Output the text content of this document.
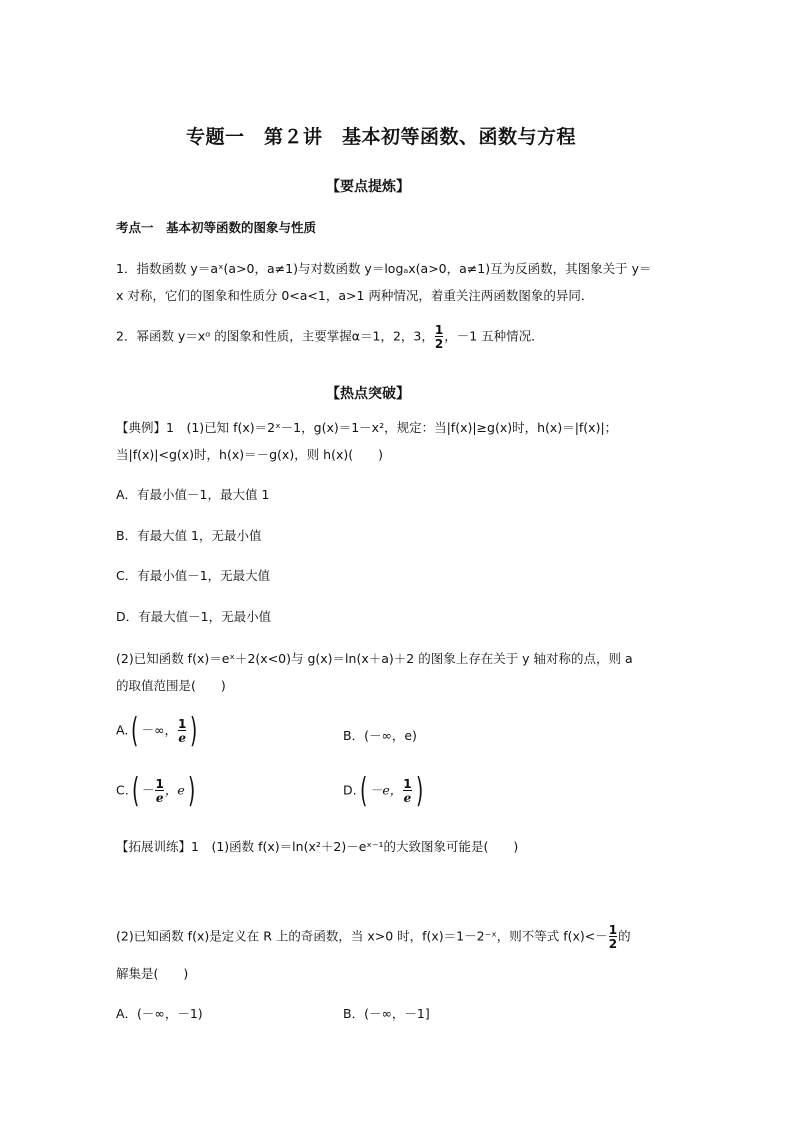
专题一　第２讲　基本初等函数、函数与方程
【要点提炼】
考点一　基本初等函数的图象与性质
1．指数函数 y＝aˣ(a>0，a≠1)与对数函数 y＝logₐx(a>0，a≠1)互为反函数，其图象关于 y＝
x 对称，它们的图象和性质分 0<a<1，a>1 两种情况，着重关注两函数图象的异同．
2．幂函数 y＝xᵅ 的图象和性质，主要掌握α＝1，2，3， $\frac{1}{2}$ ，－1 五种情况．
【热点突破】
【典例】1　(1)已知 f(x)＝2ˣ－1，g(x)＝1－x²，规定：当|f(x)|≥g(x)时，h(x)＝|f(x)|；
当|f(x)|<g(x)时，h(x)＝－g(x)，则 h(x)(　　)
A．有最小值－1，最大值 1
B．有最大值 1，无最小值
C．有最小值－1，无最大值
D．有最大值－1，无最小值
(2)已知函数 f(x)＝eˣ＋2(x<0)与 g(x)＝ln(x＋a)＋2 的图象上存在关于 y 轴对称的点，则 a
的取值范围是(　　)
A.( －∞， $\frac{1}{e}$ )	B．(－∞，e)
$C.( - \frac{1}{e}$ ，e)	D.( －e， $\frac{1}{e}$ )
【拓展训练】1　(1)函数 f(x)＝ln(x²＋2)－eˣ⁻¹的大致图象可能是(　　)
(2)已知函数 f(x)是定义在 R 上的奇函数，当 x>0 时，f(x)＝1－2⁻ˣ，则不等式 $f(x)<- \frac{1}{2}$ 的
解集是(　　)
A．(－∞，－1)	B．(－∞，－1]
